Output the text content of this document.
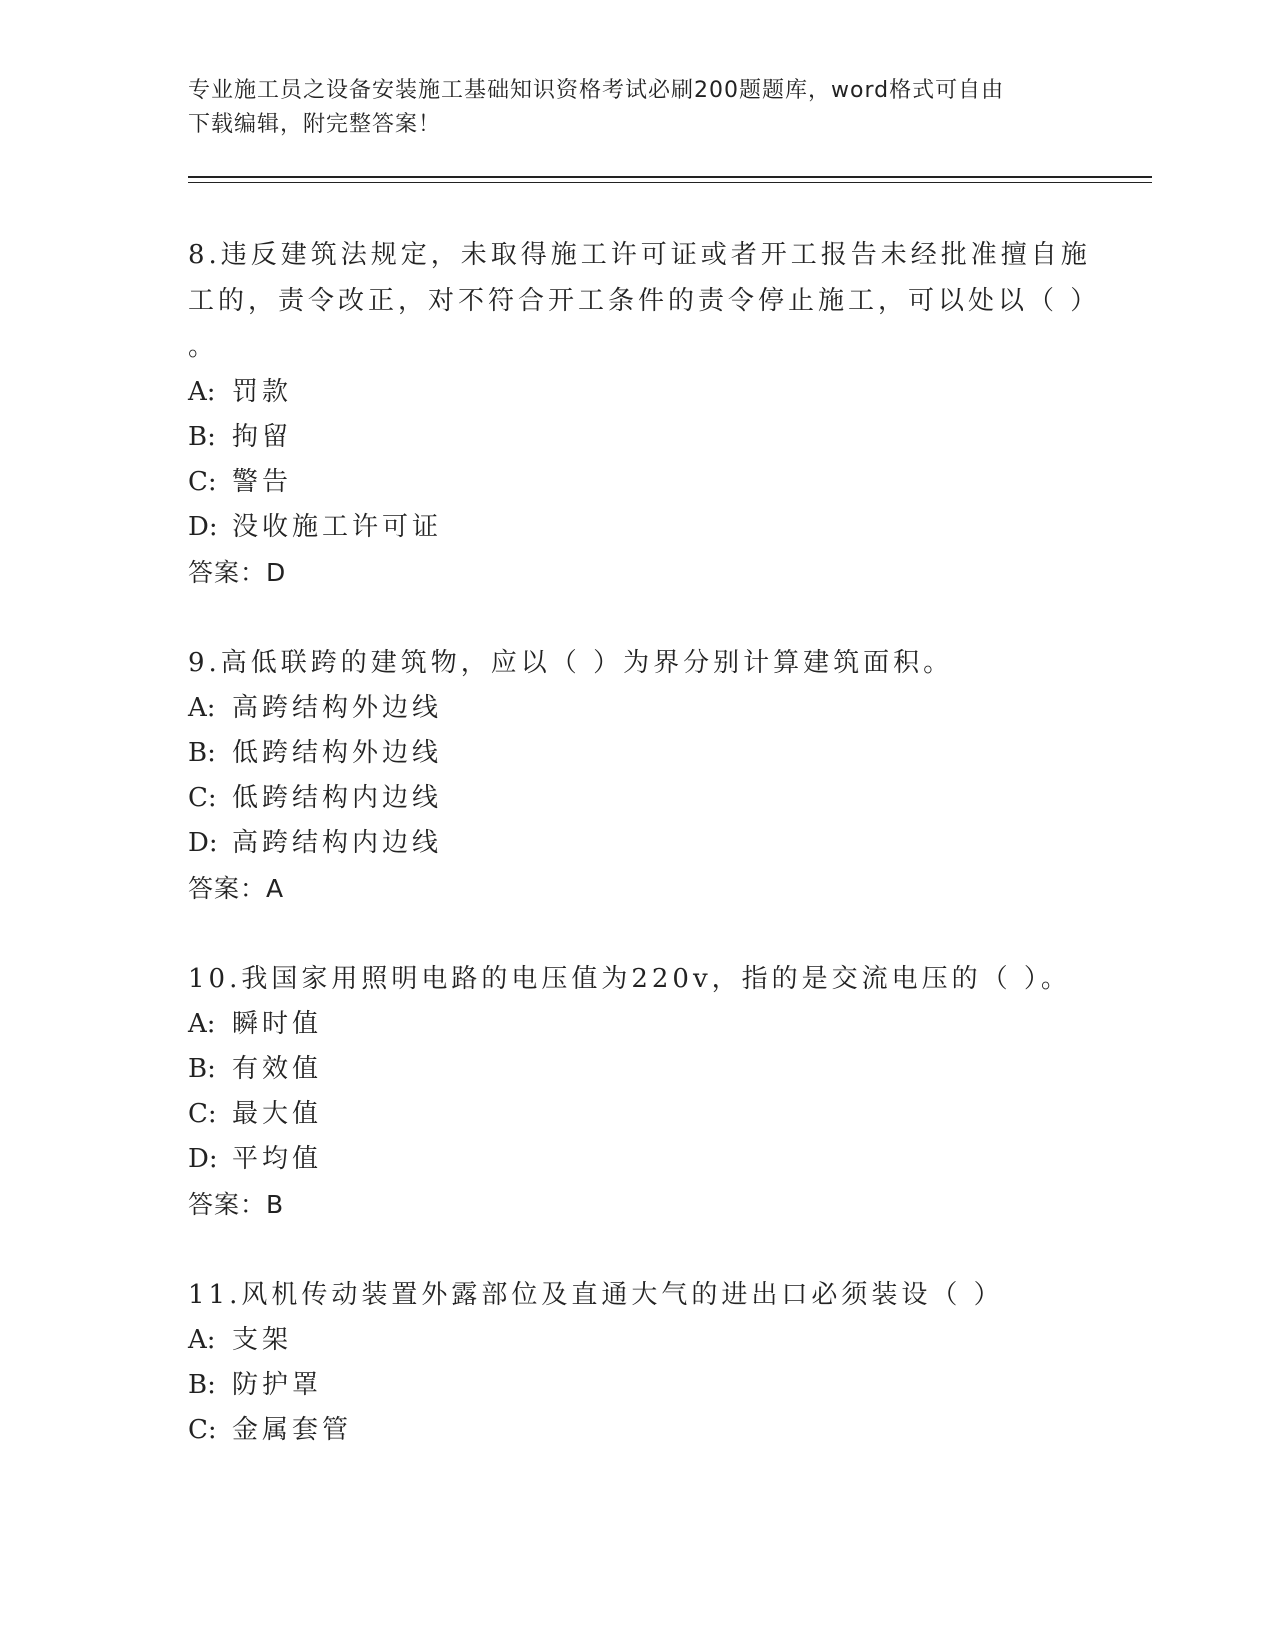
专业施工员之设备安装施工基础知识资格考试必刷200题题库，word格式可自由
下载编辑，附完整答案！
8.违反建筑法规定，未取得施工许可证或者开工报告未经批准擅自施
工的，责令改正，对不符合开工条件的责令停止施工，可以处以（ ）
。
A: 罚款
B: 拘留
C: 警告
D: 没收施工许可证
答案：D
9.高低联跨的建筑物，应以（ ）为界分别计算建筑面积。
A: 高跨结构外边线
B: 低跨结构外边线
C: 低跨结构内边线
D: 高跨结构内边线
答案：A
10.我国家用照明电路的电压值为220v，指的是交流电压的（ ）。
A: 瞬时值
B: 有效值
C: 最大值
D: 平均值
答案：B
11.风机传动装置外露部位及直通大气的进出口必须装设（ ）
A: 支架
B: 防护罩
C: 金属套管
